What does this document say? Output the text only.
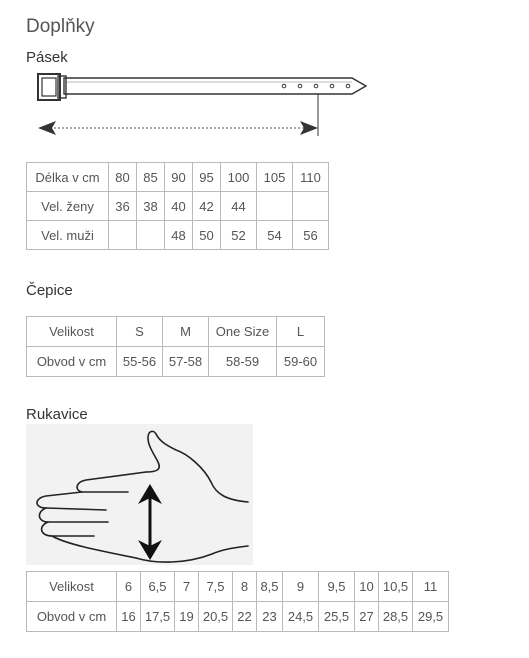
Doplňky
Pásek
Délka v cm	80	85	90	95	100	105	110
Vel. ženy	36	38	40	42	44		
Vel. muži			48	50	52	54	56
Čepice
Velikost	S	M	One Size	L
Obvod v cm	55-56	57-58	58-59	59-60
Rukavice
Velikost	6	6,5	7	7,5	8	8,5	9	9,5	10	10,5	11
Obvod v cm	16	17,5	19	20,5	22	23	24,5	25,5	27	28,5	29,5
